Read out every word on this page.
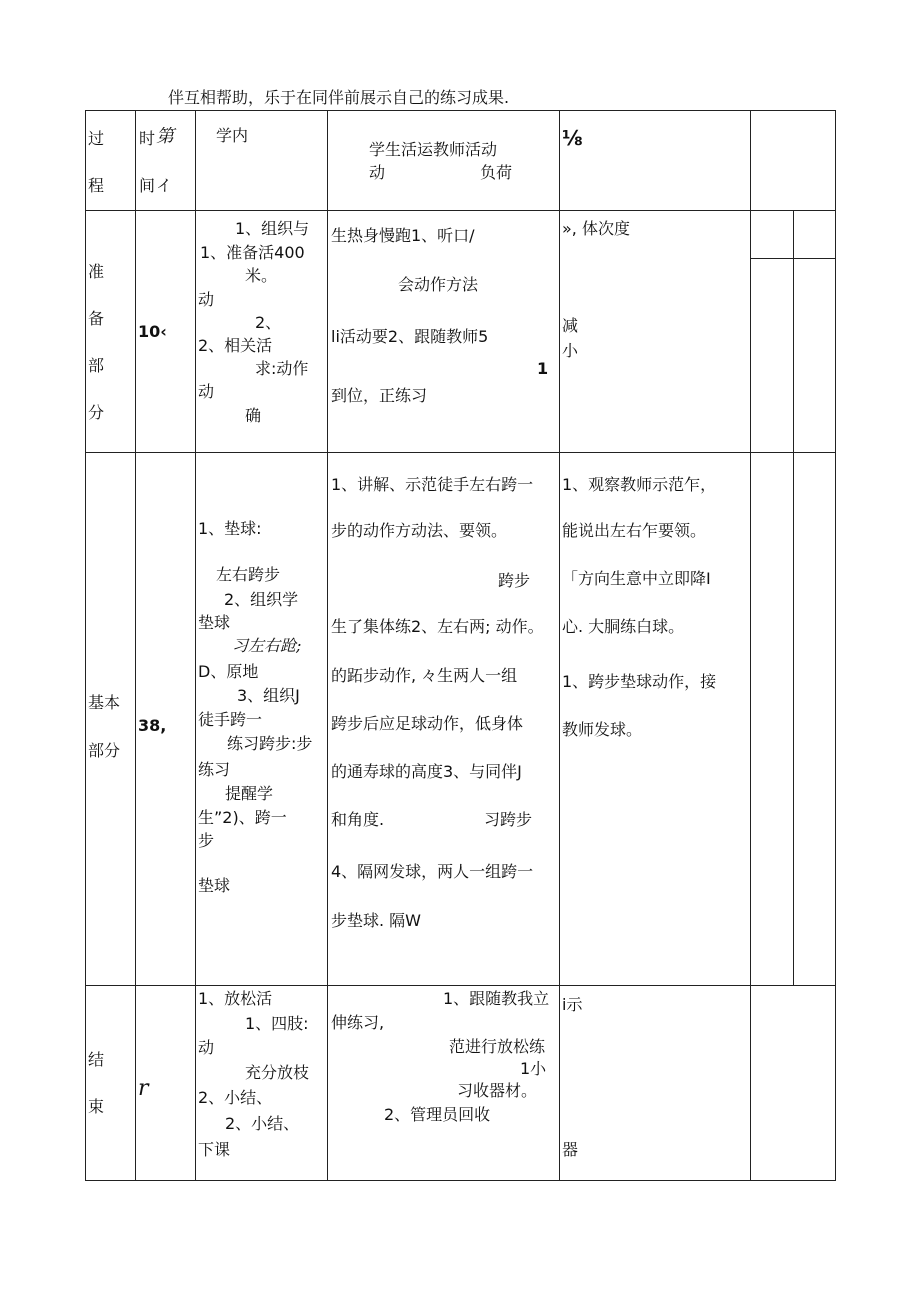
伴互相帮助，乐于在同伴前展示自己的练习成果.
过
程
时 第
间 イ
学内
学生活运教师活动
动	负荷
⅛
准
备
部
分
10‹
1、组织与
1、准备活400
米。
动
2、
2、相关活
求:动作
动
确
生热身慢跑1、听口/
会动作方法
li活动要2、跟随教师5
1
到位，正练习
», 体次度
减
小
基本
部分
38,
1、垫球:
左右跨步
2、组织学
垫球
习左右跄;
D、原地
3、组织J
徒手跨一
练习跨步:步
练习
提醒学
生”2)、跨一
步
垫球
1、讲解、示范徒手左右跨一
步的动作方动法、要领。
跨步
生了集体练2、左右两; 动作。
的跖步动作, 々生两人一组
跨步后应足球动作，低身体
的通寿球的高度3、与同伴J
和角度.	习跨步
4、隔网发球，两人一组跨一
步垫球. 隔W
1、观察教师示范乍，
能说出左右乍要领。
「方向生意中立即降I
心. 大胴练白球。
1、跨步垫球动作，接
教师发球。
结
束
r
1、放松活
1、四肢:
动
充分放枝
2、小结、
2、小结、
下课
1、跟随教我立
伸练习,
范进行放松练
1小
习收器材。
2、管理员回收
i示
器
